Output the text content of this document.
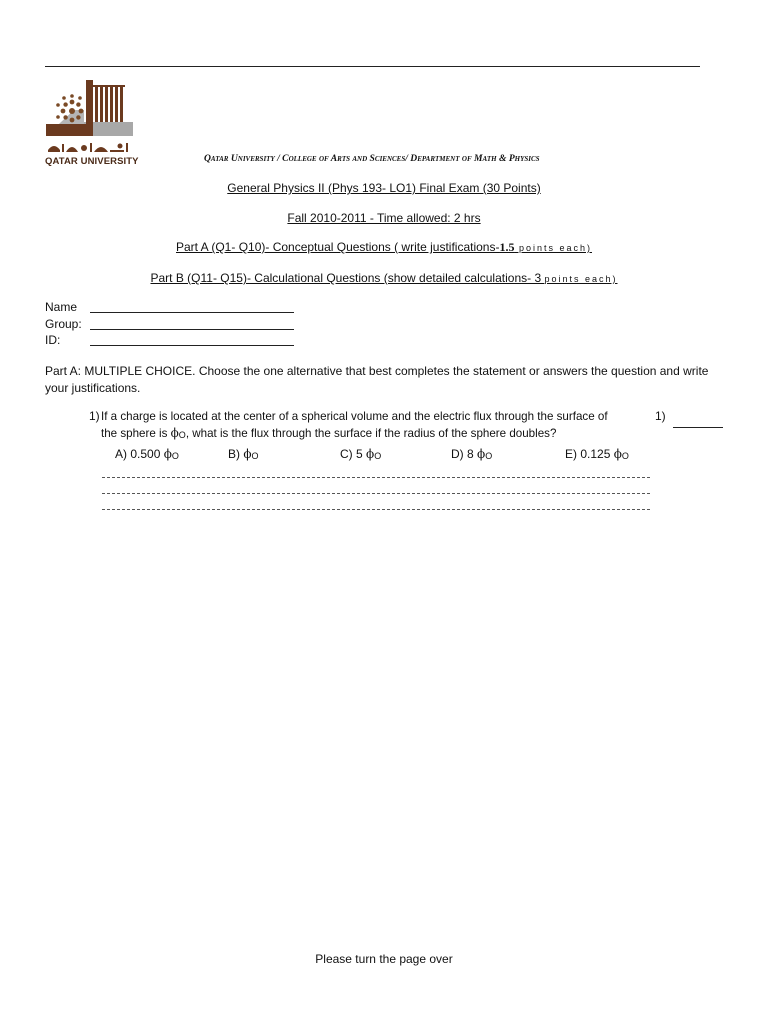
QATAR UNIVERSITY	Qatar University / College of Arts and Sciences/ Department of Math & Physics
General Physics II (Phys 193- LO1) Final Exam (30 Points)
Fall 2010-2011 - Time allowed: 2 hrs
Part A (Q1- Q10)- Conceptual Questions ( write justifications-1.5 points each)
Part B (Q11- Q15)- Calculational Questions (show detailed calculations- 3 points each)
Name
Group:
ID:
Part A: MULTIPLE CHOICE. Choose the one alternative that best completes the statement or answers the question and write your justifications.
1) If a charge is located at the center of a spherical volume and the electric flux through the surface of
the sphere is ϕO, what is the flux through the surface if the radius of the sphere doubles?
1)
A) 0.500 ϕO	B) ϕO	C) 5 ϕO	D) 8 ϕO	E) 0.125 ϕO
Please turn the page over
